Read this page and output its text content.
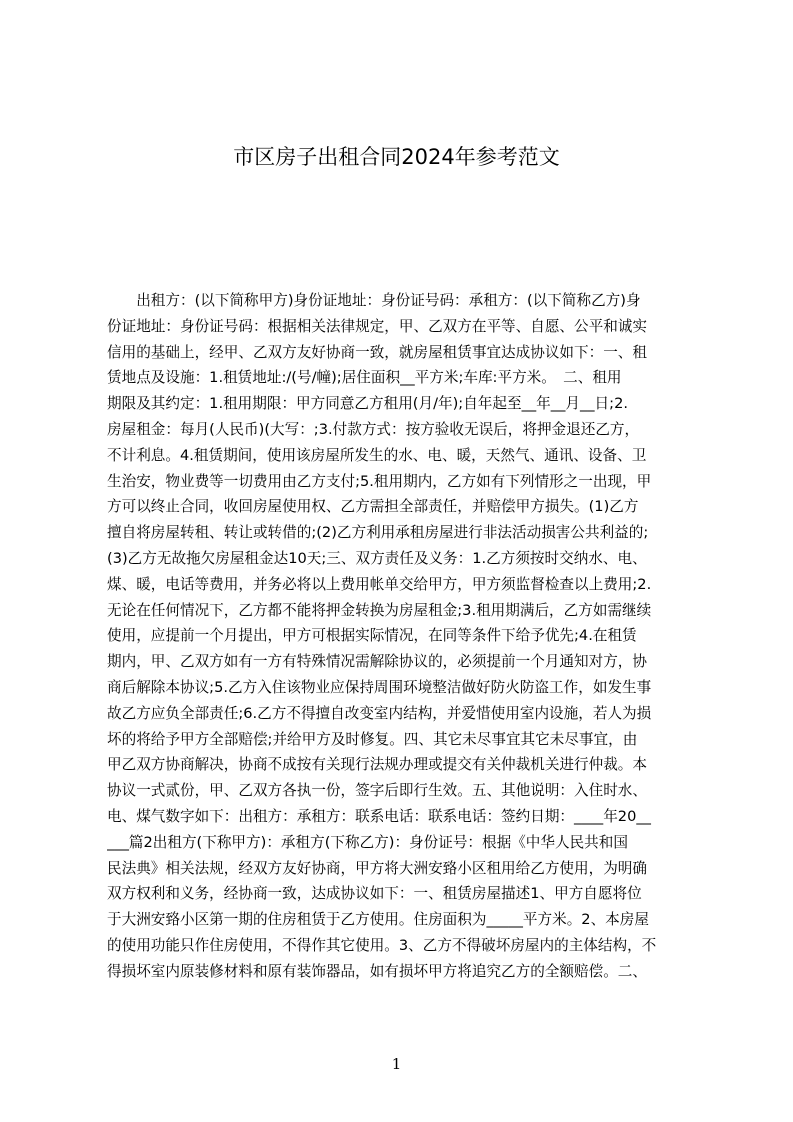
市区房子出租合同2024年参考范文
　　出租方：(以下简称甲方)身份证地址：身份证号码：承租方：(以下简称乙方)身
份证地址：身份证号码：根据相关法律规定，甲、乙双方在平等、自愿、公平和诚实
信用的基础上，经甲、乙双方友好协商一致，就房屋租赁事宜达成协议如下：一、租
赁地点及设施：1.租赁地址:/(号/幢);居住面积__平方米;车库:平方米。　二、租用
期限及其约定：1.租用期限：甲方同意乙方租用(月/年);自年起至__年__月__日;2.
房屋租金：每月(人民币)(大写：;3.付款方式：按方验收无误后，将押金退还乙方，
不计利息。4.租赁期间，使用该房屋所发生的水、电、暖，天然气、通讯、设备、卫
生治安，物业费等一切费用由乙方支付;5.租用期内，乙方如有下列情形之一出现，甲
方可以终止合同，收回房屋使用权、乙方需担全部责任，并赔偿甲方损失。(1)乙方
擅自将房屋转租、转让或转借的;(2)乙方利用承租房屋进行非法活动损害公共利益的;
(3)乙方无故拖欠房屋租金达10天;三、双方责任及义务：1.乙方须按时交纳水、电、
煤、暖，电话等费用，并务必将以上费用帐单交给甲方，甲方须监督检查以上费用;2.
无论在任何情况下，乙方都不能将押金转换为房屋租金;3.租用期满后，乙方如需继续
使用，应提前一个月提出，甲方可根据实际情况，在同等条件下给予优先;4.在租赁
期内，甲、乙双方如有一方有特殊情况需解除协议的，必须提前一个月通知对方，协
商后解除本协议;5.乙方入住该物业应保持周围环境整洁做好防火防盗工作，如发生事
故乙方应负全部责任;6.乙方不得擅自改变室内结构，并爱惜使用室内设施，若人为损
坏的将给予甲方全部赔偿;并给甲方及时修复。四、其它未尽事宜其它未尽事宜，由
甲乙双方协商解决，协商不成按有关现行法规办理或提交有关仲裁机关进行仲裁。本
协议一式贰份，甲、乙双方各执一份，签字后即行生效。五、其他说明：入住时水、
电、煤气数字如下：出租方：承租方：联系电话：联系电话：签约日期：____年20__
___篇2出租方(下称甲方)：承租方(下称乙方)：身份证号：根据《中华人民共和国
民法典》相关法规，经双方友好协商，甲方将大洲安臵小区租用给乙方使用，为明确
双方权利和义务，经协商一致，达成协议如下：一、租赁房屋描述1、甲方自愿将位
于大洲安臵小区第一期的住房租赁于乙方使用。住房面积为_____平方米。2、本房屋
的使用功能只作住房使用，不得作其它使用。3、乙方不得破坏房屋内的主体结构，不
得损坏室内原装修材料和原有装饰器品，如有损坏甲方将追究乙方的全额赔偿。二、
1
